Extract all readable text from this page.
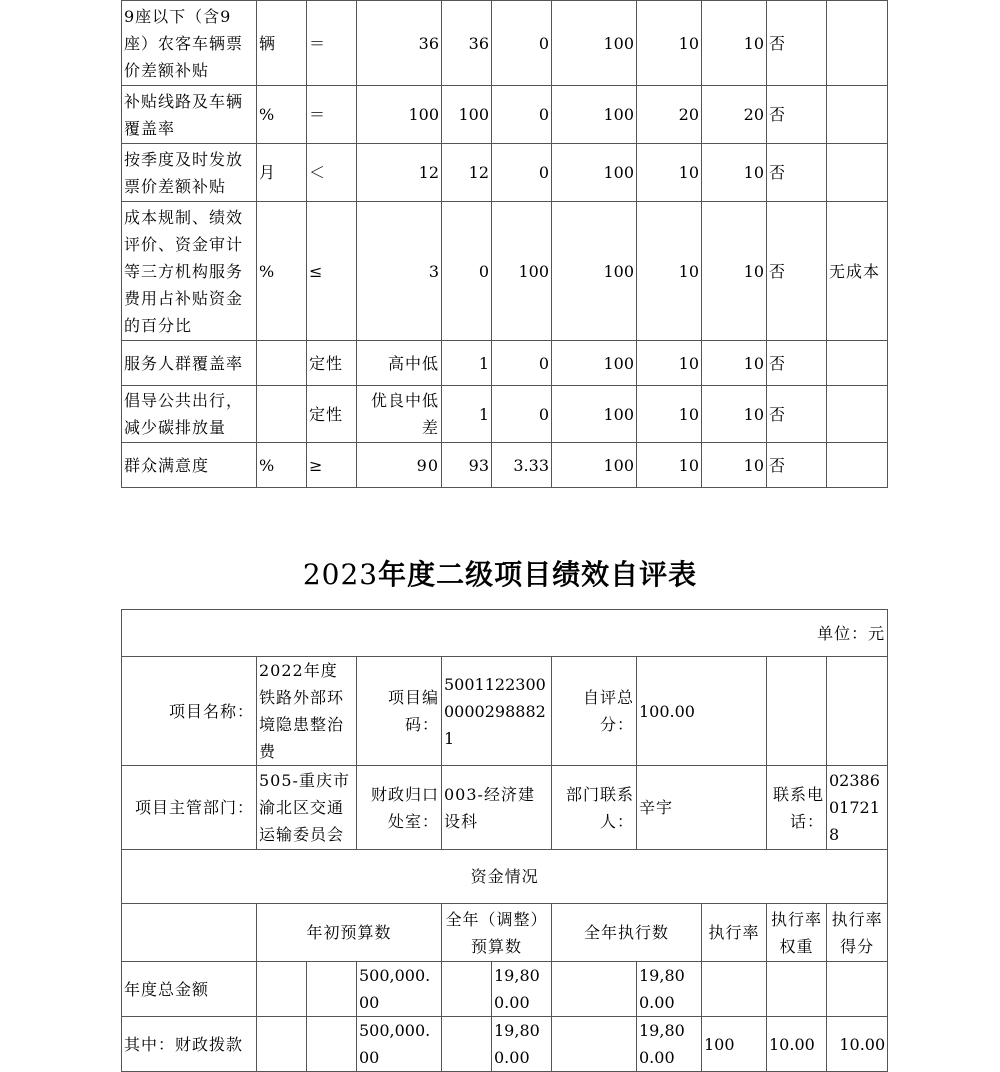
9座以下（含9座）农客车辆票价差额补贴	辆	＝	36	36	0	100	10	10	否	
补贴线路及车辆覆盖率	%	＝	100	100	0	100	20	20	否	
按季度及时发放票价差额补贴	月	＜	12	12	0	100	10	10	否	
成本规制、绩效评价、资金审计等三方机构服务费用占补贴资金的百分比	%	≤	3	0	100	100	10	10	否	无成本
服务人群覆盖率		定性	高中低	1	0	100	10	10	否	
倡导公共出行，减少碳排放量		定性	优良中低差	1	0	100	10	10	否	
群众满意度	%	≥	90	93	3.33	100	10	10	否	
2023年度二级项目绩效自评表
单位：元										
项目名称：	2022年度铁路外部环境隐患整治费		项目编码：	500112230000002988821		自评总分：	100.00			
项目主管部门：	505-重庆市渝北区交通运输委员会		财政归口处室：	003-经济建设科		部门联系人：	辛宇		联系电话：	02386017218
资金情况										
	年初预算数			全年（调整）预算数		全年执行数		执行率	执行率权重	执行率得分
年度总金额			500,000.00		19,800.00		19,800.00			
其中：财政拨款			500,000.00		19,800.00		19,800.00	100	10.00	10.00
